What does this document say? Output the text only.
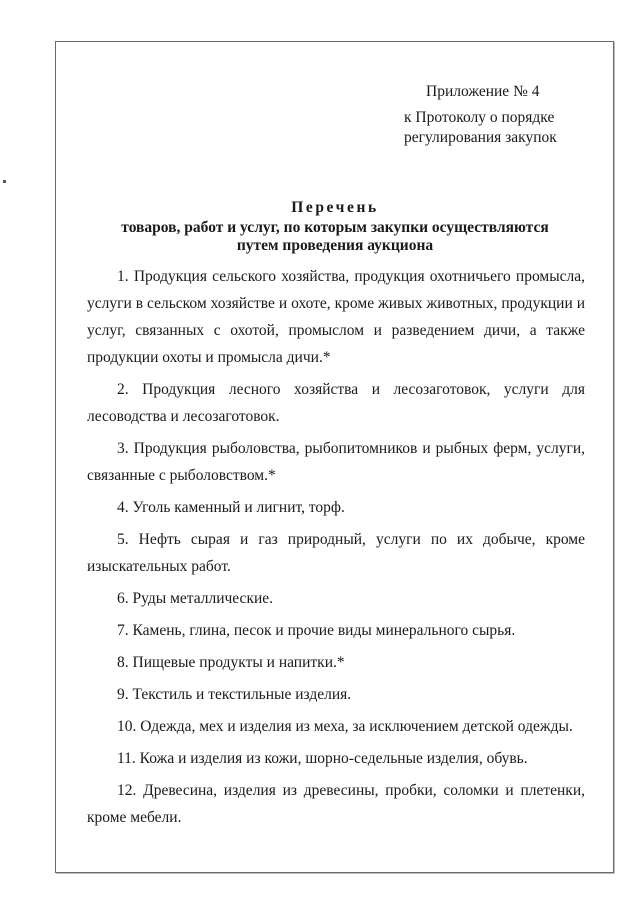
Приложение № 4
к Протоколу о порядке
регулирования закупок
Перечень
товаров, работ и услуг, по которым закупки осуществляются
путем проведения аукциона

1. Продукция сельского хозяйства, продукция охотничьего промысла, услуги в сельском хозяйстве и охоте, кроме живых животных, продукции и услуг, связанных с охотой, промыслом и разведением дичи, а также продукции охоты и промысла дичи.*

2. Продукция лесного хозяйства и лесозаготовок, услуги для лесоводства и лесозаготовок.

3. Продукция рыболовства, рыбопитомников и рыбных ферм, услуги, связанные с рыболовством.*

4. Уголь каменный и лигнит, торф.

5. Нефть сырая и газ природный, услуги по их добыче, кроме изыскательных работ.

6. Руды металлические.

7. Камень, глина, песок и прочие виды минерального сырья.

8. Пищевые продукты и напитки.*

9. Текстиль и текстильные изделия.

10. Одежда, мех и изделия из меха, за исключением детской одежды.

11. Кожа и изделия из кожи, шорно-седельные изделия, обувь.

12. Древесина, изделия из древесины, пробки, соломки и плетенки, кроме мебели.
